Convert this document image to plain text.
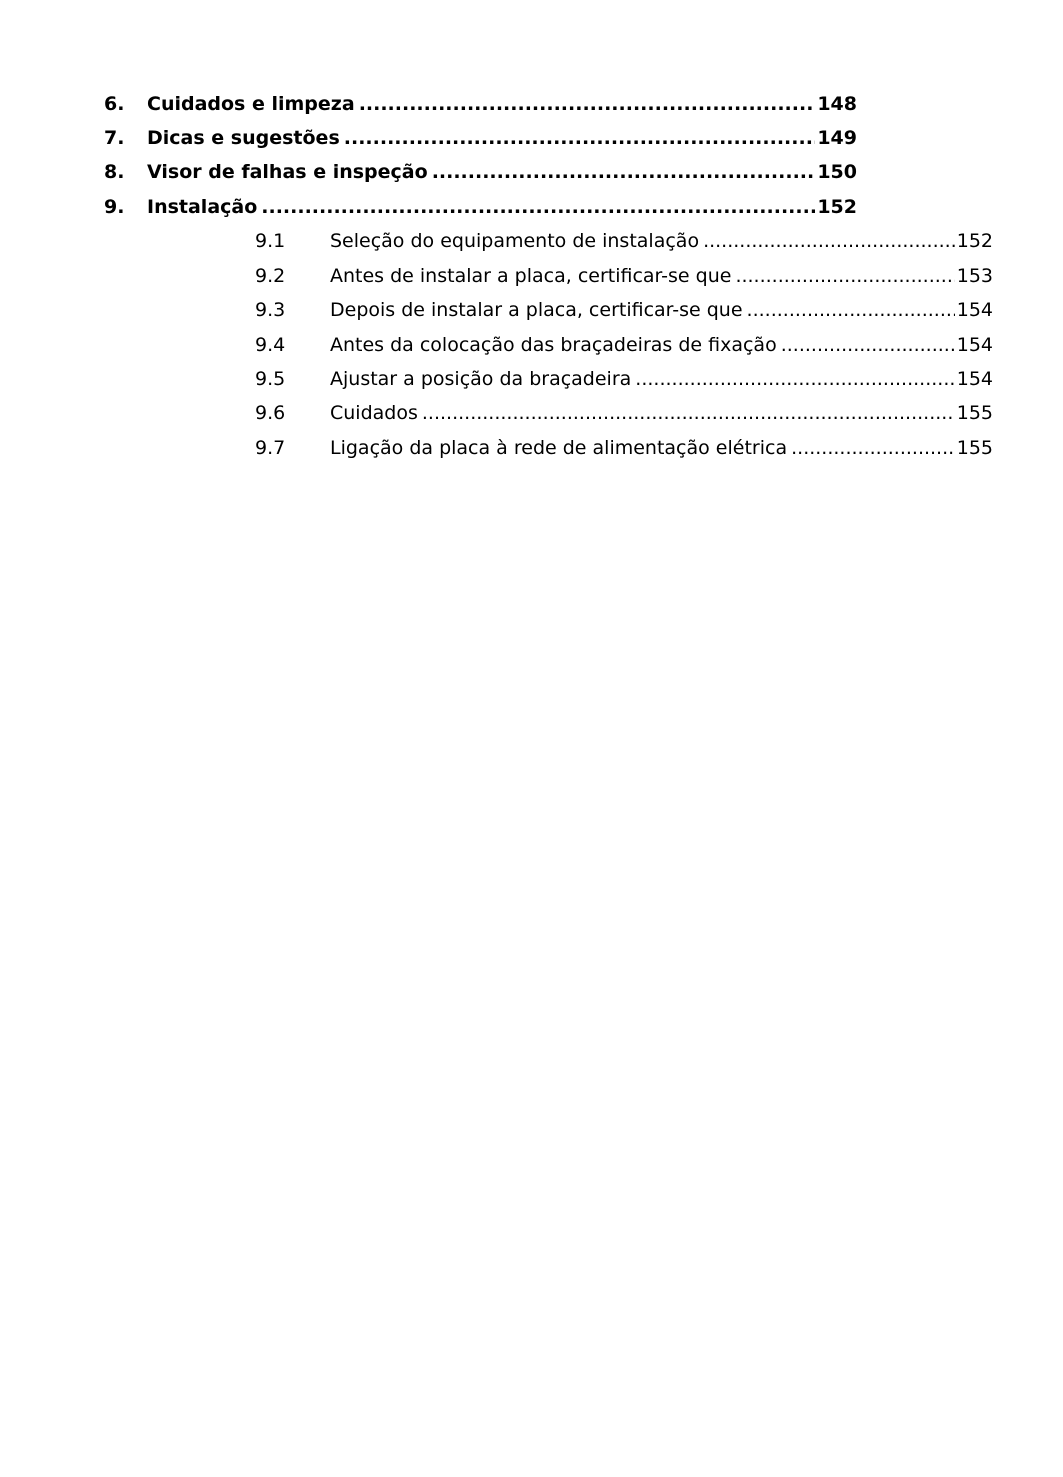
6.	Cuidados e limpeza .....	148
7.	Dicas e sugestões .....	149
8.	Visor de falhas e inspeção .....	150
9.	Instalação .....	152
9.1	Seleção do equipamento de instalação .....	152
9.2	Antes de instalar a placa, certificar-se que .....	153
9.3	Depois de instalar a placa, certificar-se que .....	154
9.4	Antes da colocação das braçadeiras de fixação .....	154
9.5	Ajustar a posição da braçadeira .....	154
9.6	Cuidados .....	155
9.7	Ligação da placa à rede de alimentação elétrica .....	155
